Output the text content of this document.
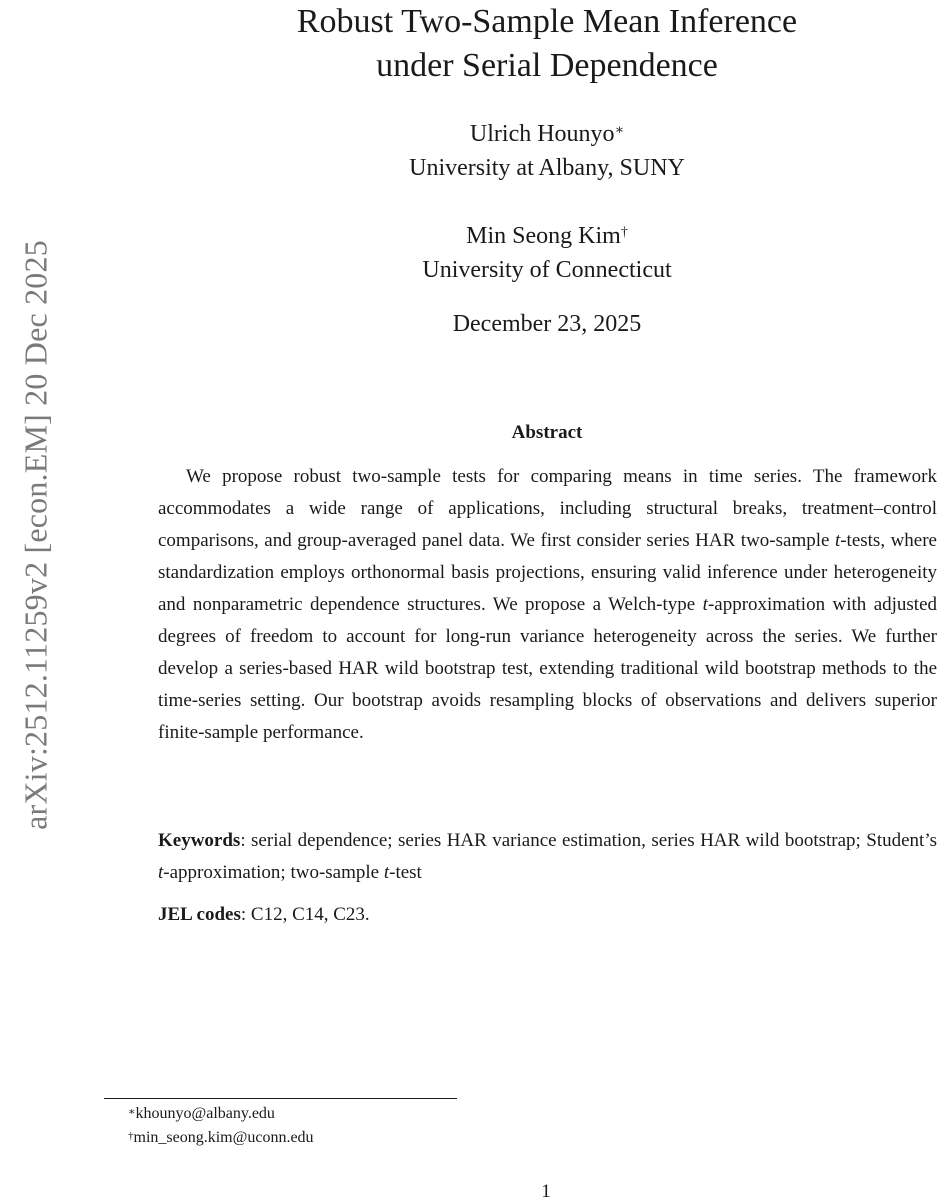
arXiv:2512.11259v2 [econ.EM] 20 Dec 2025
Robust Two-Sample Mean Inference
under Serial Dependence
Ulrich Hounyo∗
University at Albany, SUNY
Min Seong Kim†
University of Connecticut
December 23, 2025
Abstract

We propose robust two-sample tests for comparing means in time series. The framework accommodates a wide range of applications, including structural breaks, treatment–control comparisons, and group-averaged panel data. We first consider series HAR two-sample t-tests, where standardization employs orthonormal basis projections, ensuring valid inference under heterogeneity and nonparametric dependence structures. We propose a Welch-type t-approximation with adjusted degrees of freedom to account for long-run variance heterogeneity across the series. We further develop a series-based HAR wild bootstrap test, extending traditional wild bootstrap methods to the time-series setting. Our bootstrap avoids resampling blocks of observations and delivers superior finite-sample performance.

Keywords: serial dependence; series HAR variance estimation, series HAR wild bootstrap; Student’s t-approximation; two-sample t-test

JEL codes: C12, C14, C23.

∗khounyo@albany.edu
†min_seong.kim@uconn.edu
1
